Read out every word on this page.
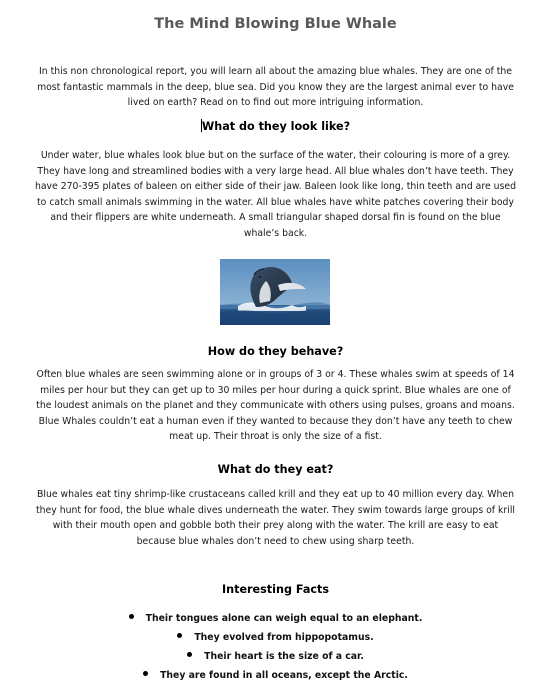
The Mind Blowing Blue Whale

In this non chronological report, you will learn all about the amazing blue whales. They are one of the most fantastic mammals in the deep, blue sea. Did you know they are the largest animal ever to have lived on earth? Read on to find out more intriguing information.

What do they look like?

Under water, blue whales look blue but on the surface of the water, their colouring is more of a grey. They have long and streamlined bodies with a very large head. All blue whales don’t have teeth. They have 270-395 plates of baleen on either side of their jaw. Baleen look like long, thin teeth and are used to catch small animals swimming in the water. All blue whales have white patches covering their body and their flippers are white underneath. A small triangular shaped dorsal fin is found on the blue whale’s back.

How do they behave?

Often blue whales are seen swimming alone or in groups of 3 or 4. These whales swim at speeds of 14 miles per hour but they can get up to 30 miles per hour during a quick sprint. Blue whales are one of the loudest animals on the planet and they communicate with others using pulses, groans and moans. Blue Whales couldn’t eat a human even if they wanted to because they don’t have any teeth to chew meat up. Their throat is only the size of a fist.

What do they eat?

Blue whales eat tiny shrimp-like crustaceans called krill and they eat up to 40 million every day. When they hunt for food, the blue whale dives underneath the water. They swim towards large groups of krill with their mouth open and gobble both their prey along with the water. The krill are easy to eat because blue whales don’t need to chew using sharp teeth.

Interesting Facts
Their tongues alone can weigh equal to an elephant.
They evolved from hippopotamus.
Their heart is the size of a car.
They are found in all oceans, except the Arctic.
